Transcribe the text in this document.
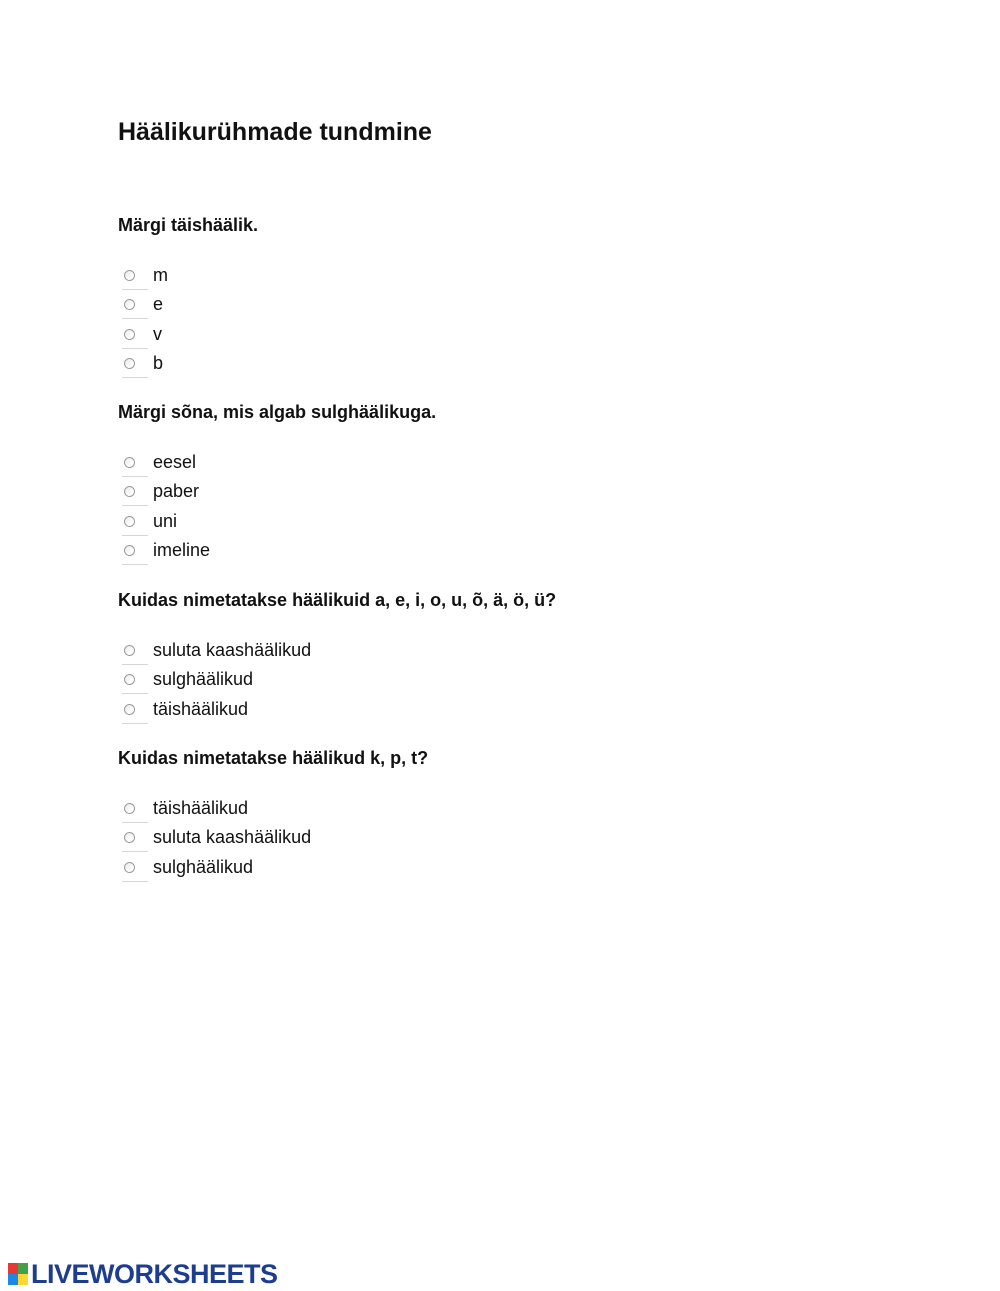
Häälikurühmade tundmine

Märgi täishäälik.

m
e
v
b

Märgi sõna, mis algab sulghäälikuga.

eesel
paber
uni
imeline

Kuidas nimetatakse häälikuid a, e, i, o, u, õ, ä, ö, ü?

suluta kaashäälikud
sulghäälikud
täishäälikud

Kuidas nimetatakse häälikud k, p, t?

täishäälikud
suluta kaashäälikud
sulghäälikud
LIVEWORKSHEETS
